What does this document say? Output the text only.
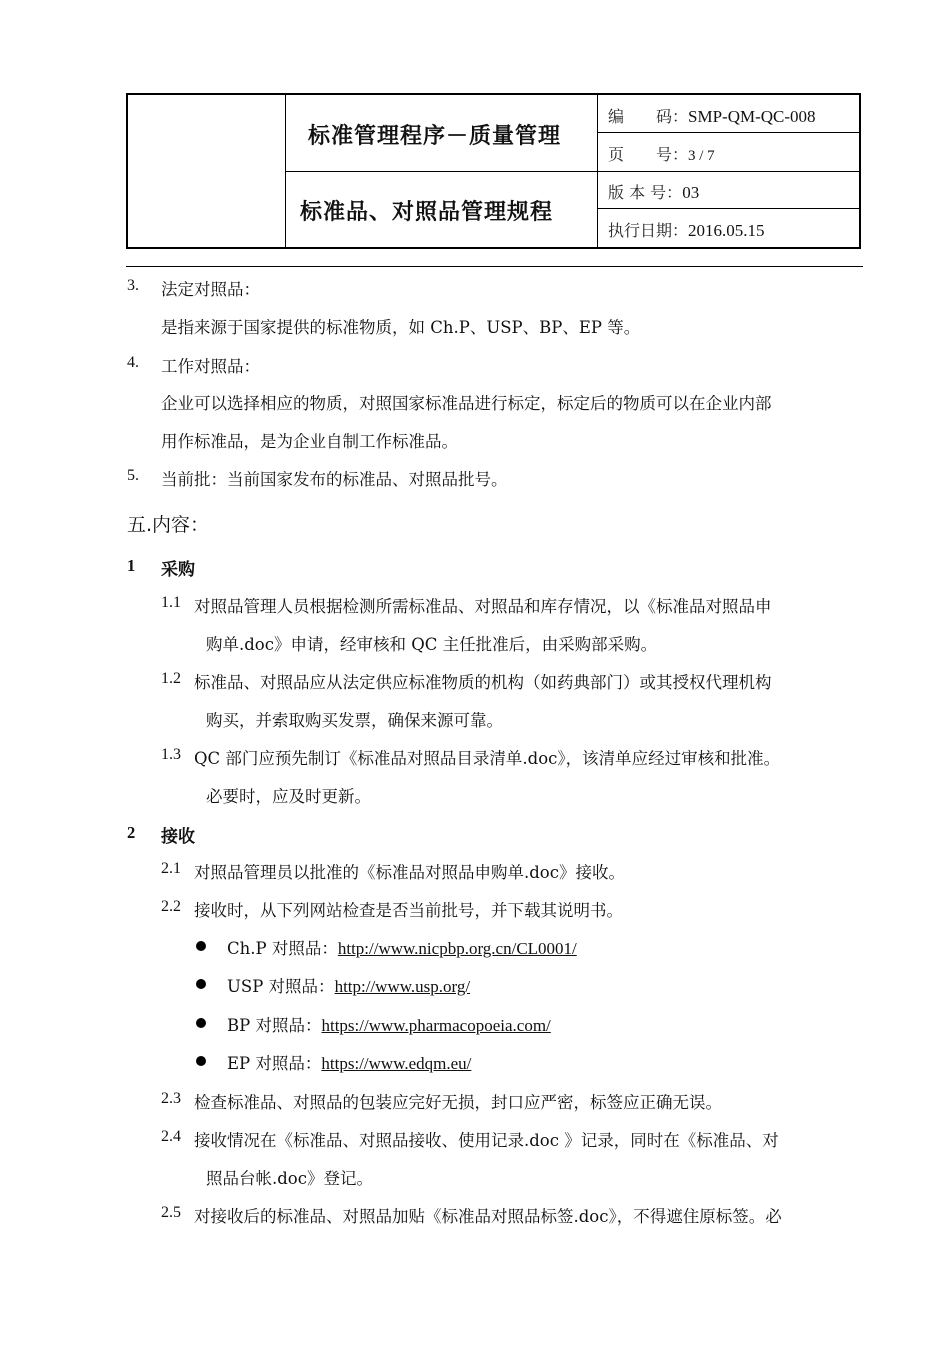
标准管理程序－质量管理
标准品、对照品管理规程
编　　码：SMP-QM-QC-008
页　　号：3 / 7
版 本 号：03
执行日期：2016.05.15
3. 法定对照品：
是指来源于国家提供的标准物质，如 Ch.P、USP、BP、EP 等。
4. 工作对照品：
企业可以选择相应的物质，对照国家标准品进行标定，标定后的物质可以在企业内部
用作标准品，是为企业自制工作标准品。
5. 当前批：当前国家发布的标准品、对照品批号。
五.内容：
1 采购
1.1 对照品管理人员根据检测所需标准品、对照品和库存情况，以《标准品对照品申
购单.doc》申请，经审核和 QC 主任批准后，由采购部采购。
1.2 标准品、对照品应从法定供应标准物质的机构（如药典部门）或其授权代理机构
购买，并索取购买发票，确保来源可靠。
1.3 QC 部门应预先制订《标准品对照品目录清单.doc》，该清单应经过审核和批准。
必要时，应及时更新。
2 接收
2.1 对照品管理员以批准的《标准品对照品申购单.doc》接收。
2.2 接收时，从下列网站检查是否当前批号，并下载其说明书。
Ch.P 对照品：http://www.nicpbp.org.cn/CL0001/
USP 对照品：http://www.usp.org/
BP 对照品：https://www.pharmacopoeia.com/
EP 对照品：https://www.edqm.eu/
2.3 检查标准品、对照品的包装应完好无损，封口应严密，标签应正确无误。
2.4 接收情况在《标准品、对照品接收、使用记录.doc 》记录，同时在《标准品、对
照品台帐.doc》登记。
2.5 对接收后的标准品、对照品加贴《标准品对照品标签.doc》，不得遮住原标签。必
